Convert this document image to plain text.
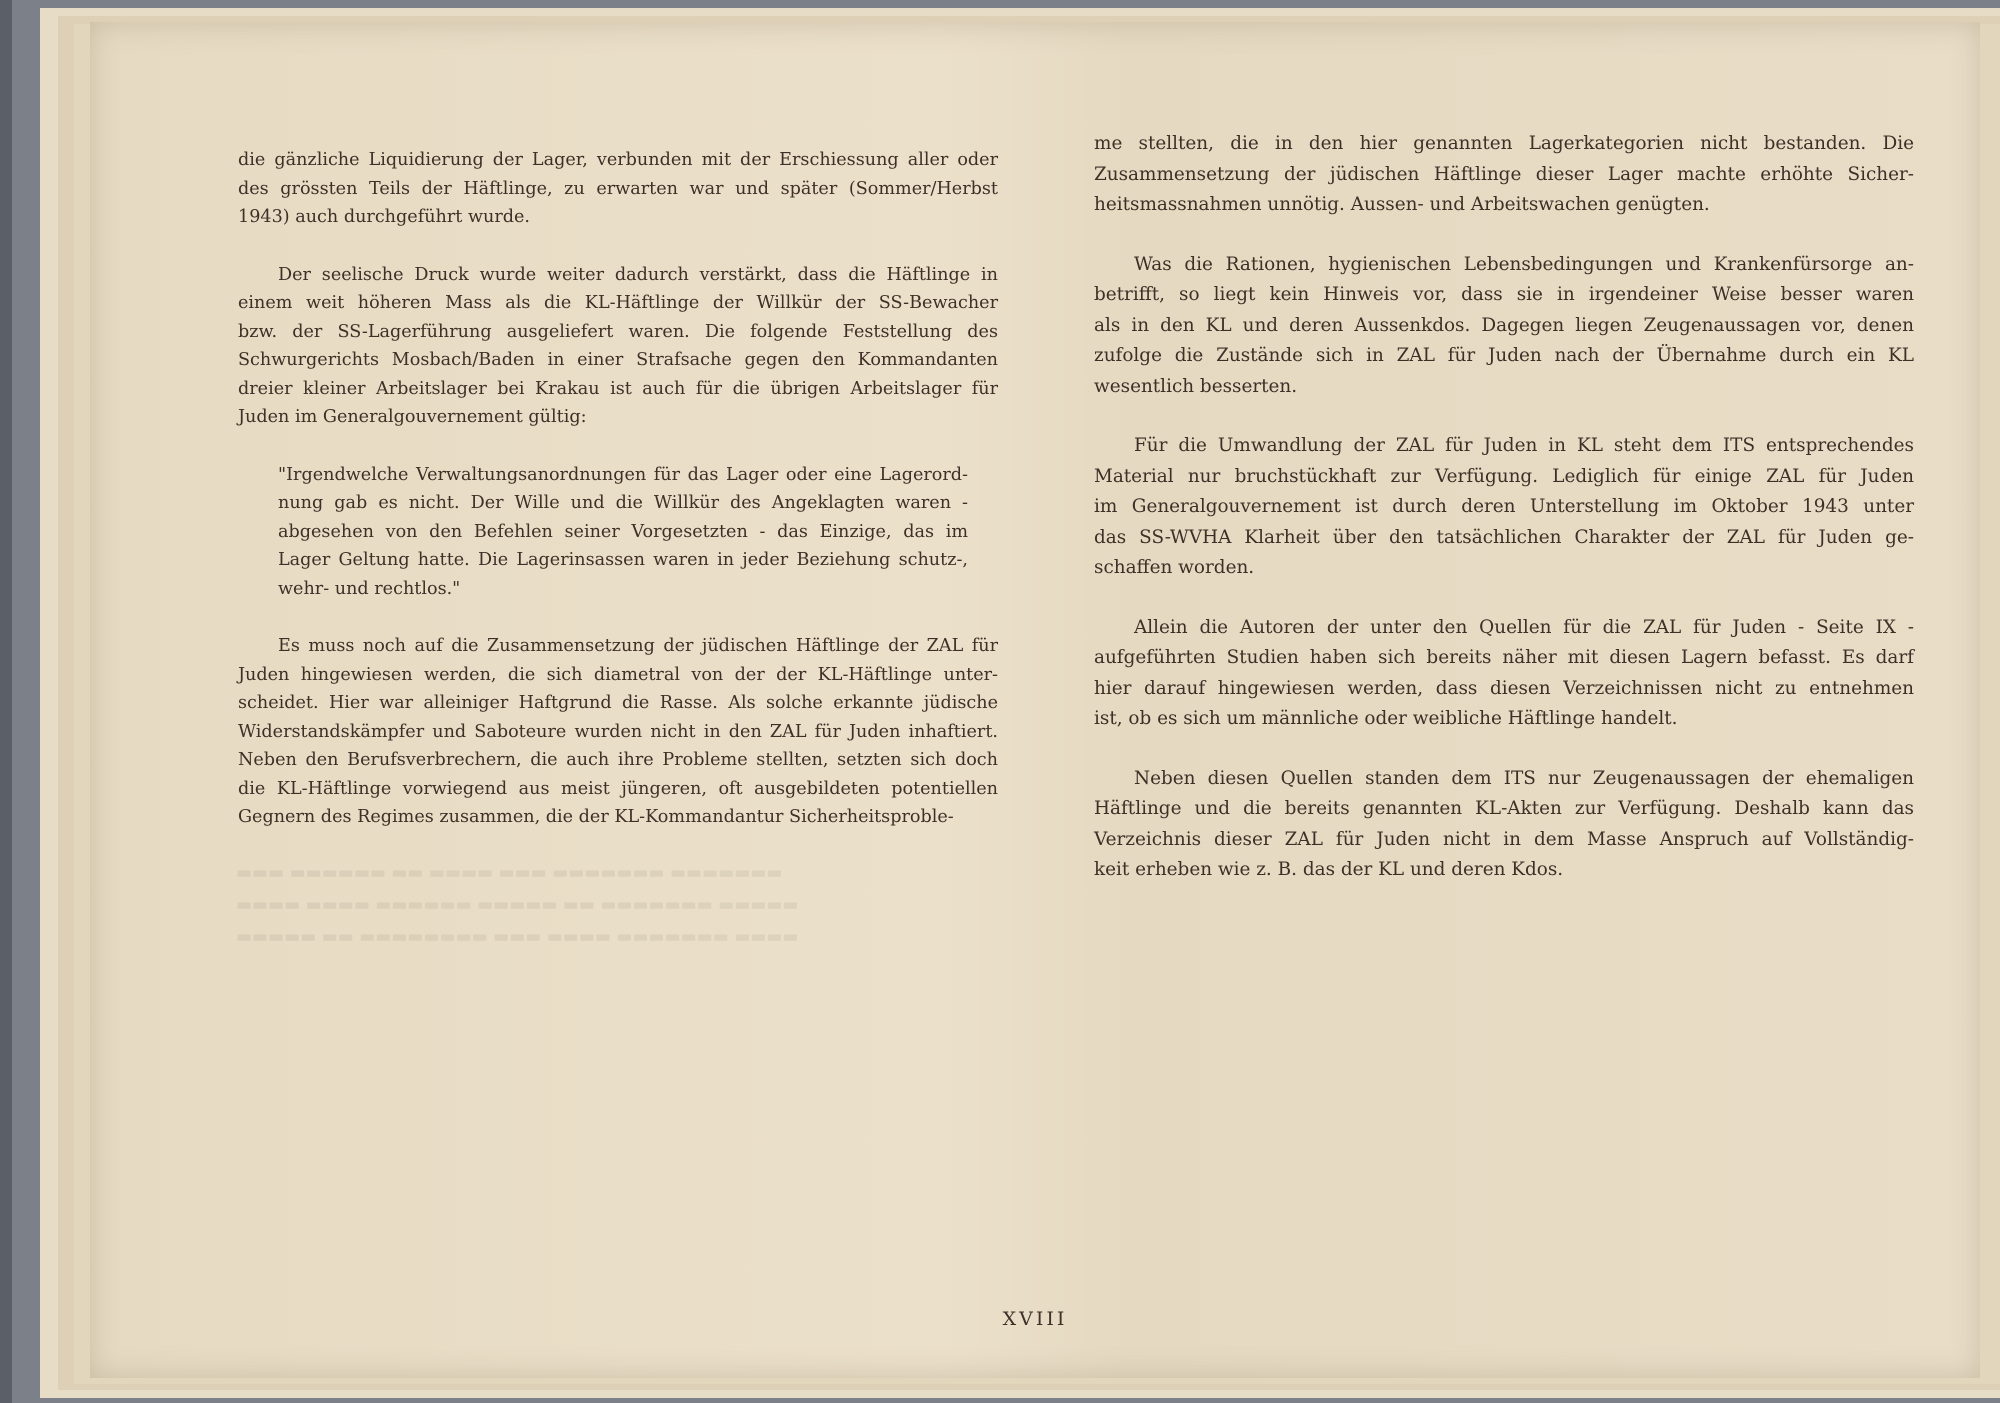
▬▬▬ ▬▬▬▬▬▬ ▬▬ ▬▬▬▬ ▬▬▬ ▬▬▬▬▬▬▬ ▬▬▬▬▬▬▬
▬▬▬▬ ▬▬▬▬ ▬▬▬▬▬▬ ▬▬▬▬▬ ▬▬ ▬▬▬▬▬▬▬ ▬▬▬▬▬
▬▬▬▬▬ ▬▬ ▬▬▬▬▬▬▬▬ ▬▬▬ ▬▬▬▬ ▬▬▬▬▬▬▬ ▬▬▬▬

die gänzliche Liquidierung der Lager, verbunden mit der Erschiessung aller oder
des grössten Teils der Häftlinge, zu erwarten war und später (Sommer/Herbst
1943) auch durchgeführt wurde.
Der seelische Druck wurde weiter dadurch verstärkt, dass die Häftlinge in
einem weit höheren Mass als die KL-Häftlinge der Willkür der SS-Bewacher
bzw. der SS-Lagerführung ausgeliefert waren. Die folgende Feststellung des
Schwurgerichts Mosbach/Baden in einer Strafsache gegen den Kommandanten
dreier kleiner Arbeitslager bei Krakau ist auch für die übrigen Arbeitslager für
Juden im Generalgouvernement gültig:
"Irgendwelche Verwaltungsanordnungen für das Lager oder eine Lagerord-
nung gab es nicht. Der Wille und die Willkür des Angeklagten waren -
abgesehen von den Befehlen seiner Vorgesetzten - das Einzige, das im
Lager Geltung hatte. Die Lagerinsassen waren in jeder Beziehung schutz-,
wehr- und rechtlos."
Es muss noch auf die Zusammensetzung der jüdischen Häftlinge der ZAL für
Juden hingewiesen werden, die sich diametral von der der KL-Häftlinge unter-
scheidet. Hier war alleiniger Haftgrund die Rasse. Als solche erkannte jüdische
Widerstandskämpfer und Saboteure wurden nicht in den ZAL für Juden inhaftiert.
Neben den Berufsverbrechern, die auch ihre Probleme stellten, setzten sich doch
die KL-Häftlinge vorwiegend aus meist jüngeren, oft ausgebildeten potentiellen
Gegnern des Regimes zusammen, die der KL-Kommandantur Sicherheitsproble-
me stellten, die in den hier genannten Lagerkategorien nicht bestanden. Die
Zusammensetzung der jüdischen Häftlinge dieser Lager machte erhöhte Sicher-
heitsmassnahmen unnötig. Aussen- und Arbeitswachen genügten.
Was die Rationen, hygienischen Lebensbedingungen und Krankenfürsorge an-
betrifft, so liegt kein Hinweis vor, dass sie in irgendeiner Weise besser waren
als in den KL und deren Aussenkdos. Dagegen liegen Zeugenaussagen vor, denen
zufolge die Zustände sich in ZAL für Juden nach der Übernahme durch ein KL
wesentlich besserten.
Für die Umwandlung der ZAL für Juden in KL steht dem ITS entsprechendes
Material nur bruchstückhaft zur Verfügung. Lediglich für einige ZAL für Juden
im Generalgouvernement ist durch deren Unterstellung im Oktober 1943 unter
das SS-WVHA Klarheit über den tatsächlichen Charakter der ZAL für Juden ge-
schaffen worden.
Allein die Autoren der unter den Quellen für die ZAL für Juden - Seite IX -
aufgeführten Studien haben sich bereits näher mit diesen Lagern befasst. Es darf
hier darauf hingewiesen werden, dass diesen Verzeichnissen nicht zu entnehmen
ist, ob es sich um männliche oder weibliche Häftlinge handelt.
Neben diesen Quellen standen dem ITS nur Zeugenaussagen der ehemaligen
Häftlinge und die bereits genannten KL-Akten zur Verfügung. Deshalb kann das
Verzeichnis dieser ZAL für Juden nicht in dem Masse Anspruch auf Vollständig-
keit erheben wie z. B. das der KL und deren Kdos.
XVIII
